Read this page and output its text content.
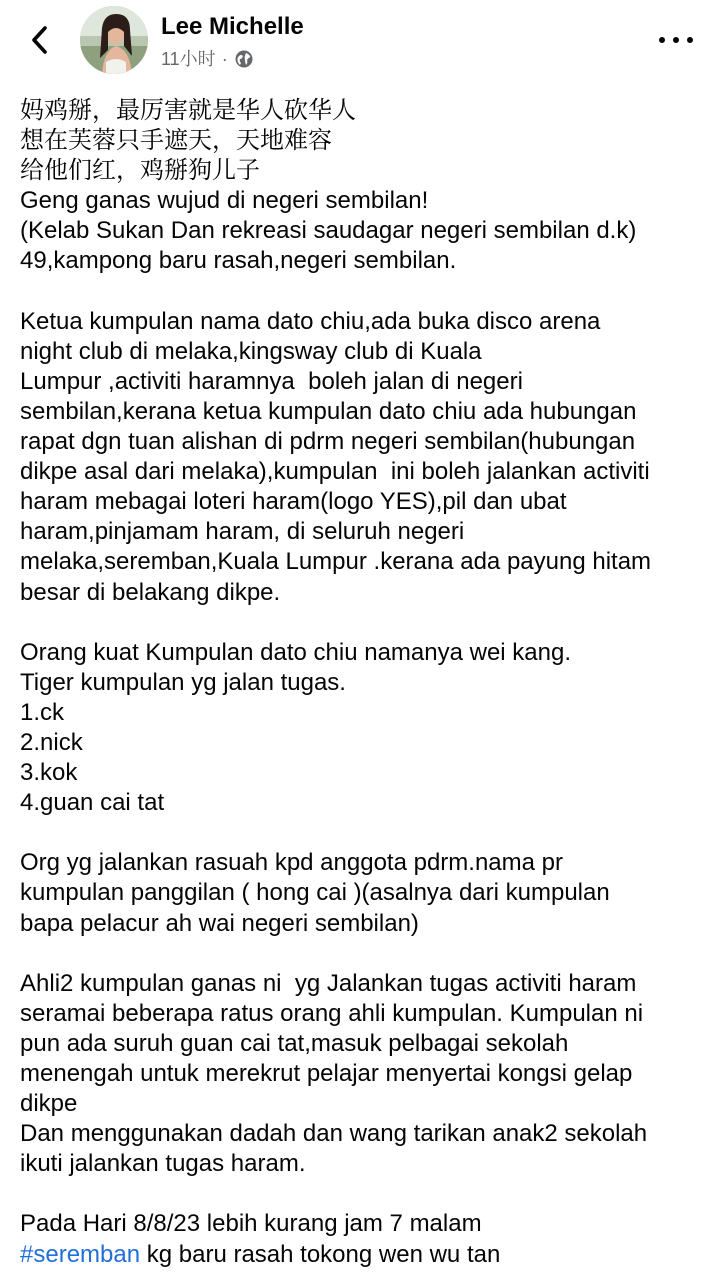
Lee Michelle
11小时 ·

妈鸡掰，最厉害就是华人砍华人

想在芙蓉只手遮天，天地难容

给他们红，鸡掰狗儿子

Geng ganas wujud di negeri sembilan!

(Kelab Sukan Dan rekreasi saudagar negeri sembilan d.k)

49,kampong baru rasah,negeri sembilan.

Ketua kumpulan nama dato chiu,ada buka disco arena

night club di melaka,kingsway club di Kuala

Lumpur ,activiti haramnya  boleh jalan di negeri

sembilan,kerana ketua kumpulan dato chiu ada hubungan

rapat dgn tuan alishan di pdrm negeri sembilan(hubungan

dikpe asal dari melaka),kumpulan  ini boleh jalankan activiti

haram mebagai loteri haram(logo YES),pil dan ubat

haram,pinjamam haram, di seluruh negeri

melaka,seremban,Kuala Lumpur .kerana ada payung hitam

besar di belakang dikpe.

Orang kuat Kumpulan dato chiu namanya wei kang.

Tiger kumpulan yg jalan tugas.

1.ck

2.nick

3.kok

4.guan cai tat

Org yg jalankan rasuah kpd anggota pdrm.nama pr

kumpulan panggilan ( hong cai )(asalnya dari kumpulan

bapa pelacur ah wai negeri sembilan)

Ahli2 kumpulan ganas ni  yg Jalankan tugas activiti haram

seramai beberapa ratus orang ahli kumpulan. Kumpulan ni

pun ada suruh guan cai tat,masuk pelbagai sekolah

menengah untuk merekrut pelajar menyertai kongsi gelap

dikpe

Dan menggunakan dadah dan wang tarikan anak2 sekolah

ikuti jalankan tugas haram.

Pada Hari 8/8/23 lebih kurang jam 7 malam

#seremban kg baru rasah tokong wen wu tan
